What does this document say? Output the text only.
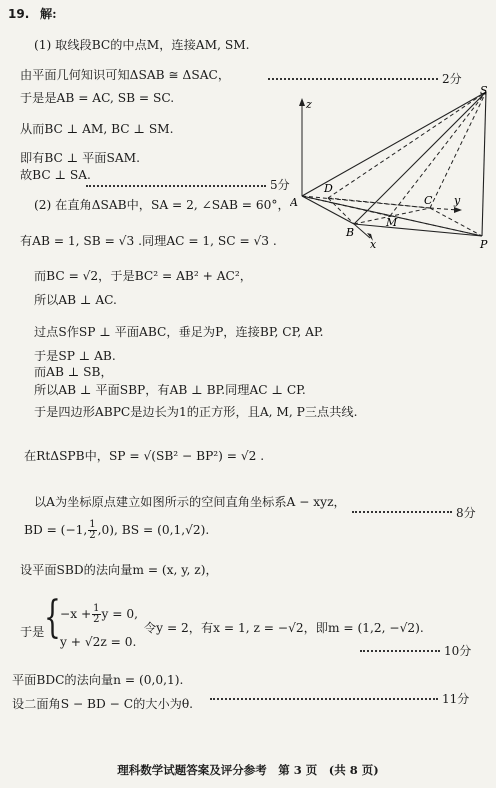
19. 解:
(1) 取线段BC的中点M，连接AM, SM.
由平面几何知识可知ΔSAB ≅ ΔSAC，	2分
于是是AB = AC, SB = SC.
从而BC ⊥ AM, BC ⊥ SM.
即有BC ⊥ 平面SAM.
故BC ⊥ SA.
5分
z
S
A
D
C
M
y
B
x	P
(2) 在直角ΔSAB中，SA = 2, ∠SAB = 60°，
有AB = 1, SB = √3 .同理AC = 1, SC = √3 .
而BC = √2，于是BC² = AB² + AC²，
所以AB ⊥ AC.
过点S作SP ⊥ 平面ABC，垂足为P，连接BP, CP, AP.
于是SP ⊥ AB.
而AB ⊥ SB，
所以AB ⊥ 平面SBP，有AB ⊥ BP.同理AC ⊥ CP.
于是四边形ABPC是边长为1的正方形，且A, M, P三点共线.
在RtΔSPB中，SP = √(SB² − BP²) = √2 .
以A为坐标原点建立如图所示的空间直角坐标系A − xyz，
8分
BD = (−1, $\frac{1}{2} ,0$), BS = (0,1,√2).
设平面SBD的法向量m = (x, y, z)，
于是 { $-x + \frac{1}{2}$ y = 0,
y + √2z = 0.
令y = 2，有x = 1, z = −√2，即m = (1,2, −√2).
10分
平面BDC的法向量n = (0,0,1).
11分
设二面角S − BD − C的大小为θ.
理科数学试题答案及评分参考　第 3 页　(共 8 页)
